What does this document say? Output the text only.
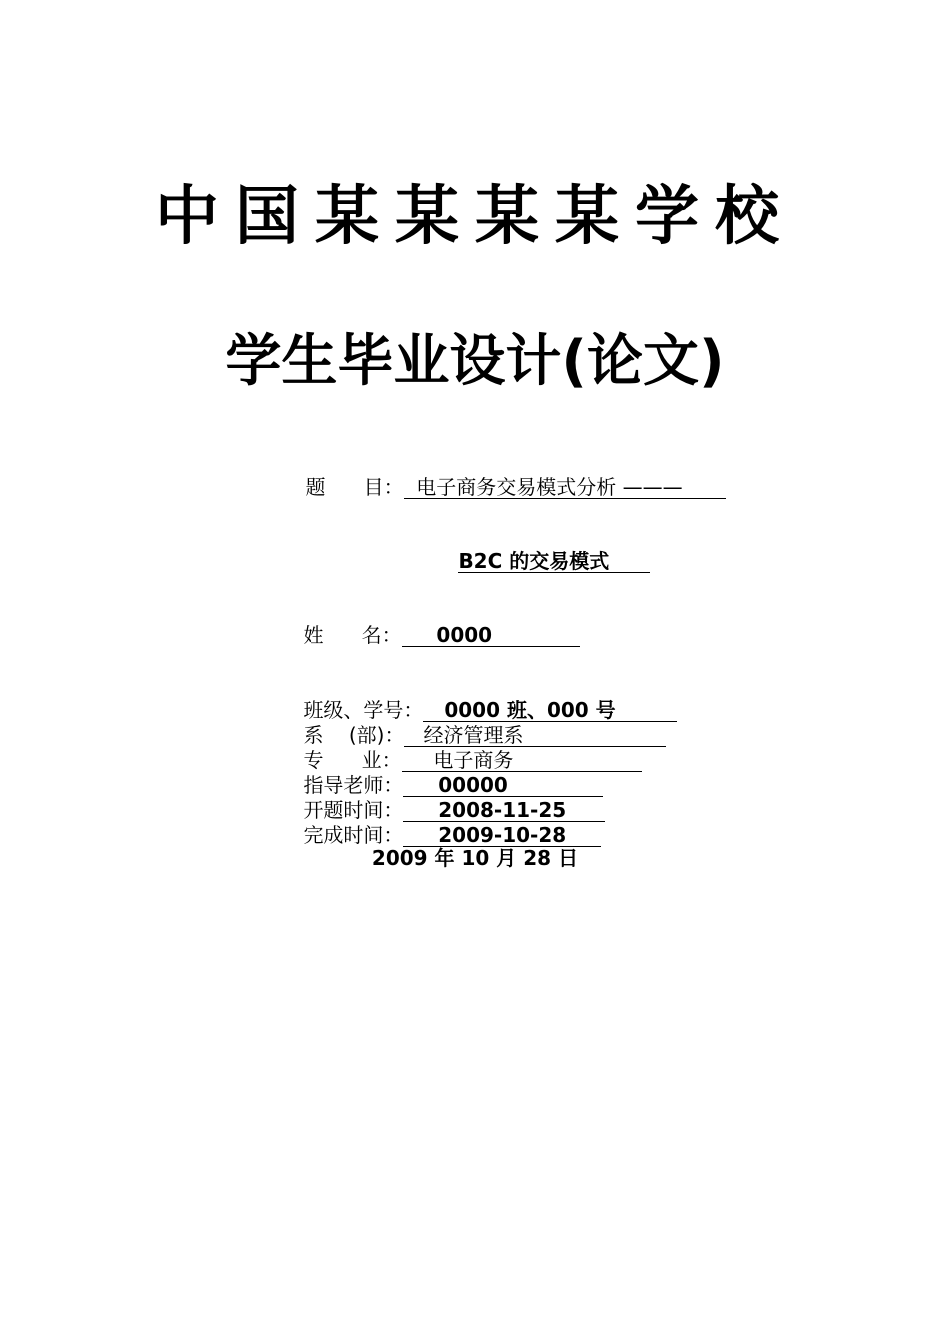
中国某某某某学校
学生毕业设计(论文)

题      目：  电子商务交易模式分析 ———

B2C 的交易模式

姓      名：     0000

班级、学号：   0000 班、000 号

系    (部)：   经济管理系

专      业：     电子商务

指导老师：     00000

开题时间：     2008-11-25

完成时间：     2009-10-28

2009 年 10 月 28 日
